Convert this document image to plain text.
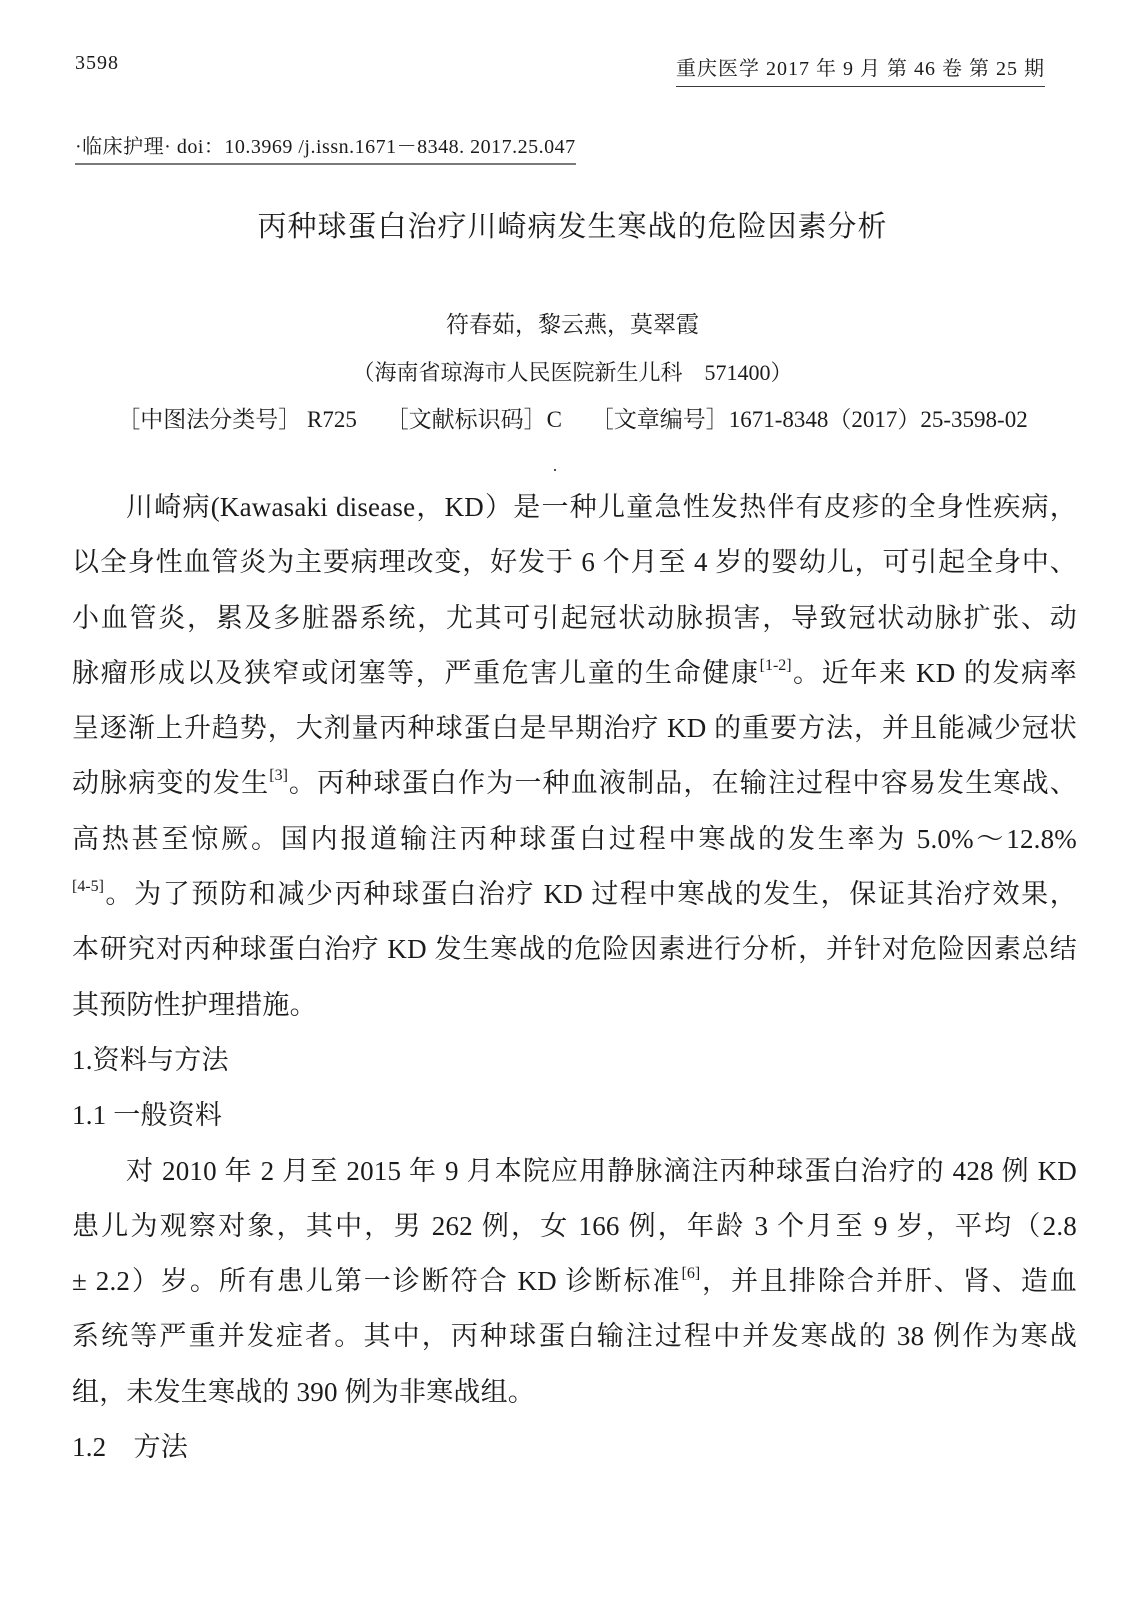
3598	重庆医学 2017 年 9 月 第 46 卷 第 25 期
·临床护理· doi：10.3969 /j.issn.1671－8348. 2017.25.047
丙种球蛋白治疗川崎病发生寒战的危险因素分析
符春茹，黎云燕，莫翠霞
（海南省琼海市人民医院新生儿科　571400）
［中图法分类号］ R725　 ［文献标识码］C　 ［文章编号］1671-8348（2017）25-3598-02
·
川崎病(Kawasaki disease，KD）是一种儿童急性发热伴有皮疹的全身性疾病，
以全身性血管炎为主要病理改变，好发于 6 个月至 4 岁的婴幼儿，可引起全身中、
小血管炎，累及多脏器系统，尤其可引起冠状动脉损害，导致冠状动脉扩张、动
脉瘤形成以及狭窄或闭塞等，严重危害儿童的生命健康[1-2]。近年来 KD 的发病率
呈逐渐上升趋势，大剂量丙种球蛋白是早期治疗 KD 的重要方法，并且能减少冠状
动脉病变的发生[3]。丙种球蛋白作为一种血液制品，在输注过程中容易发生寒战、
高热甚至惊厥。国内报道输注丙种球蛋白过程中寒战的发生率为 5.0%～12.8%
[4-5]。为了预防和减少丙种球蛋白治疗 KD 过程中寒战的发生，保证其治疗效果，
本研究对丙种球蛋白治疗 KD 发生寒战的危险因素进行分析，并针对危险因素总结
其预防性护理措施。
1.资料与方法
1.1 一般资料
对 2010 年 2 月至 2015 年 9 月本院应用静脉滴注丙种球蛋白治疗的 428 例 KD
患儿为观察对象，其中，男 262 例，女 166 例，年龄 3 个月至 9 岁，平均（2.8
± 2.2）岁。所有患儿第一诊断符合 KD 诊断标准[6]，并且排除合并肝、肾、造血
系统等严重并发症者。其中，丙种球蛋白输注过程中并发寒战的 38 例作为寒战
组，未发生寒战的 390 例为非寒战组。
1.2　方法
